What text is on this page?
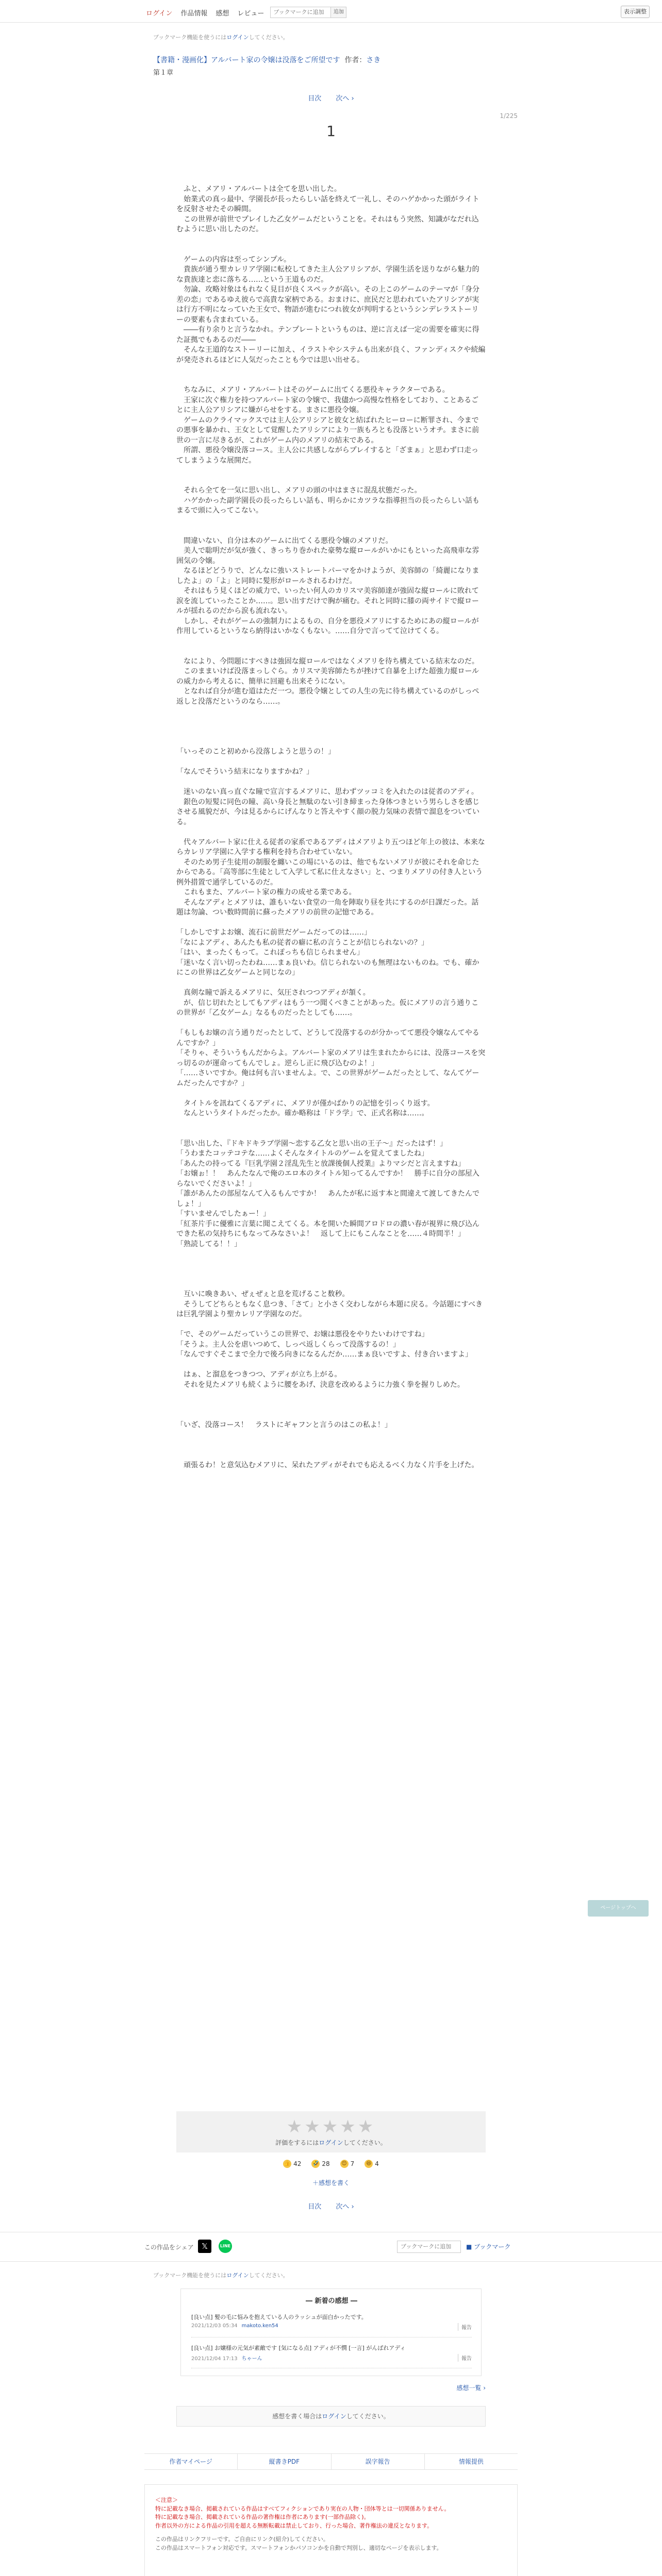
ログイン 作品情報 感想 レビュー
ブックマークに追加	追加	表示調整
ブックマーク機能を使うにはログインしてください。
【書籍・漫画化】アルバート家の令嬢は没落をご所望です 作者：さき
第１章
目次 次へ ›
1/225
1
　ふと、メアリ・アルバートは全てを思い出した。
　始業式の真っ最中、学園長が長ったらしい話を終えて一礼し、そのハゲかかった頭がライトを反射させたその瞬間。
　この世界が前世でプレイした乙女ゲームだということを。それはもう突然、知識がなだれ込むように思い出したのだ。
　ゲームの内容は至ってシンプル。
　貴族が通う聖カレリア学園に転校してきた主人公アリシアが、学園生活を送りながら魅力的な貴族達と恋に落ちる……という王道ものだ。
　勿論、攻略対象はもれなく見目が良くスペックが高い。その上このゲームのテーマが「身分差の恋」であるゆえ彼らで高貴な家柄である。おまけに、庶民だと思われていたアリシアが実は行方不明になっていた王女で、物語が進むにつれ彼女が判明するというシンデレラストーリーの要素も含まれている。
　――有り余りと言うなかれ。テンプレートというものは、逆に言えば一定の需要を確実に得た証拠でもあるのだ――
　そんな王道的なストーリーに加え、イラストやシステムも出来が良く、ファンディスクや続編が発売されるほどに人気だったことも今では思い出せる。
　ちなみに、メアリ・アルバートはそのゲームに出てくる悪役キャラクターである。
　王家に次ぐ権力を持つアルバート家の令嬢で、我儘かつ高慢な性格をしており、ことあるごとに主人公アリシアに嫌がらせをする。まさに悪役令嬢。
　ゲームのクライマックスでは主人公アリシアと彼女と結ばれたヒーローに断罪され、今までの悪事を暴かれ、王女として覚醒したアリシアにより一族もろとも没落というオチ。まさに前世の一言に尽きるが、これがゲーム内のメアリの結末である。
　所謂、悪役令嬢没落コース。主人公に共感しながらプレイすると「ざまぁ」と思わず口走ってしまうような展開だ。
　それら全てを一気に思い出し、メアリの頭の中はまさに混乱状態だった。
　ハゲかかった副学園長の長ったらしい話も、明らかにカツラな指導担当の長ったらしい話もまるで頭に入ってこない。
　間違いない、自分は本のゲームに出てくる悪役令嬢のメアリだ。
　美人で聡明だが気が強く、きっちり巻かれた豪勢な縦ロールがいかにもといった高飛車な雰囲気の令嬢。
　なるほどどうりで、どんなに強いストレートパーマをかけようが、美容師の「綺麗になりましたよ」の「よ」と同時に髪形がロールされるわけだ。
　それはもう見くほどの威力で、いったい何人のカリスマ美容師達が強固な縦ロールに敗れて涙を流していったことか……。思い出すだけで胸が痛む。それと同時に膝の両サイドで縦ロールが揺れるのだから涙も流れない。
　しかし、それがゲームの強制力によるもの、自分を悪役メアリにするためにあの縦ロールが作用しているというなら納得はいかなくもない。……自分で言ってて泣けてくる。
　なにより、今問題にすべきは強固な縦ロールではなくメアリを待ち構えている結末なのだ。
　このままいけば没落まっしぐら。カリスマ美容師たちが挫けて自暴を上げた超強力縦ロールの威力から考えるに、簡単に回避も出来そうにない。
　となれば自分が進む道はただ一つ。悪役令嬢としての人生の先に待ち構えているのがしっぺ返しと没落だというのなら……。
「いっそのこと初めから没落しようと思うの！」
「なんでそういう結末になりますかね？」
　迷いのない真っ直ぐな瞳で宣言するメアリに、思わずツッコミを入れたのは従者のアディ。
　銀色の短髪に同色の瞳、高い身長と無駄のない引き締まった身体つきという男らしさを感じさせる風貌だが、今は見るからにげんなりと答えやすく顔の脱力気味の表情で溜息をついている。
　代々アルバート家に仕える従者の家系であるアディはメアリより五つほど年上の彼は、本来ならカレリア学園に入学する権利を持ち合わせていない。
　そのため男子生徒用の制服を纏いこの場にいるのは、他でもないメアリが彼にそれを命じたからである。「高等部に生徒として入学して私に仕えなさい」と、つまりメアリの付き人という例外措置で通学しているのだ。
　これもまた、アルバート家の権力の成せる業である。
　そんなアディとメアリは、誰もいない食堂の一角を陣取り昼を共にするのが日課だった。話題は勿論、つい数時間前に蘇ったメアリの前世の記憶である。
「しかしですよお嬢、流石に前世だゲームだってのは……」
「なによアディ、あんたも私の従者の癖に私の言うことが信じられないの？」
「はい、まったくもって。これぽっちも信じられません」
「迷いなく言い切ったわね……まぁ良いわ。信じられないのも無理はないものね。でも、確かにこの世界は乙女ゲームと同じなの」
　真剣な瞳で訴えるメアリに、気圧されつつアディが頷く。
　が、信じ切れたとしてもアディはもう一つ聞くべきことがあった。仮にメアリの言う通りこの世界が「乙女ゲーム」なるものだったとしても……。
「もしもお嬢の言う通りだったとして、どうして没落するのが分かってて悪役令嬢なんてやるんですか？」
「そりゃ、そういうもんだからよ。アルバート家のメアリは生まれたからには、没落コースを突っ切るのが運命ってもんでしょ。逆らし正に飛び込むのよ！」
「……さいですか。俺は何も言いませんよ。で、この世界がゲームだったとして、なんてゲームだったんですか？」
　タイトルを訊ねてくるアディに、メアリが僅かばかりの記憶を引っくり返す。
　なんというタイトルだったか。確か略称は「ドラ学」で、正式名称は……。
「思い出した、『ドキドキラブ学園〜恋する乙女と思い出の王子〜』だったはず！」
「うわまたコッテコテな……よくそんなタイトルのゲームを覚えてましたね」
「あんたの持ってる『巨乳学園２淫乱先生と放課後個人授業』よりマシだと言えますね」
「お嬢ぉ！！　あんたなんで俺のエロ本のタイトル知ってるんですか！　勝手に自分の部屋入らないでくださいよ！」
「誰があんたの部屋なんて入るもんですか！　あんたが私に返す本と間違えて渡してきたんでしょ！」
「すいませんでしたぁー！」
「紅茶片手に優雅に言葉に聞こえてくる。本を開いた瞬間アロドロの濃い春が視界に飛び込んできた私の気持ちにもなってみなさいよ！　返して上にもこんなことを……４時間半！」
「熟読してる！！」
　互いに喚きあい、ぜぇぜぇと息を荒げること数秒。
　そうしてどちらともなく息つき、「さて」と小さく交わしながら本題に戻る。今話題にすべきは巨乳学園より聖カレリア学園なのだ。
「で、そのゲームだっていうこの世界で、お嬢は悪役をやりたいわけですね」
「そうよ。主人公を虐いつめて、しっぺ返しくらって没落するの！」
「なんですぐそこまで全力で後ろ向きになるんだか……まぁ良いですよ、付き合いますよ」
　はぁ、と溜息をつきつつ、アディが立ち上がる。
　それを見たメアリも続くように腰をあげ、決意を改めるように力強く拳を握りしめた。
「いざ、没落コース！　ラストにギャフンと言うのはこの私よ！」
　頑張るわ！と意気込むメアリに、呆れたアディがそれでも応えるべく力なく片手を上げた。
ページトップへ
★★★★★
評価をするにはログインしてください。
👍 42 🤣 28 😊 7 😆 4
＋感想を書く
目次 次へ ›
この作品をシェア	𝕏	LINE
ブックマークに追加	■ ブックマーク
ブックマーク機能を使うにはログインしてください。
― 新着の感想 ―
[良い点] 髪の毛に悩みを抱えている人のラッシュが面白かったです。
2021/12/03 05:34 makoto.ken54	報告
[良い点] お嬢様の元気が素敵です [気になる点] アディが不憫 [一言] がんばれアディ
2021/12/04 17:13 ちゃーん	報告
感想一覧 ›
感想を書く場合はログインしてください。
作者マイページ	縦書きPDF	誤字報告	情報提供
＜注意＞
特に記載なき場合、掲載されている作品はすべてフィクションであり実在の人物・団体等とは一切関係ありません。
特に記載なき場合、掲載されている作品の著作権は作者にあります(一部作品除く)。
作者以外の方による作品の引用を超える無断転載は禁止しており、行った場合、著作権法の違反となります。
この作品はリンクフリーです。ご自由にリンク(紹介)してください。
この作品はスマートフォン対応です。スマートフォンかパソコンかを自動で判別し、適切なページを表示します。
